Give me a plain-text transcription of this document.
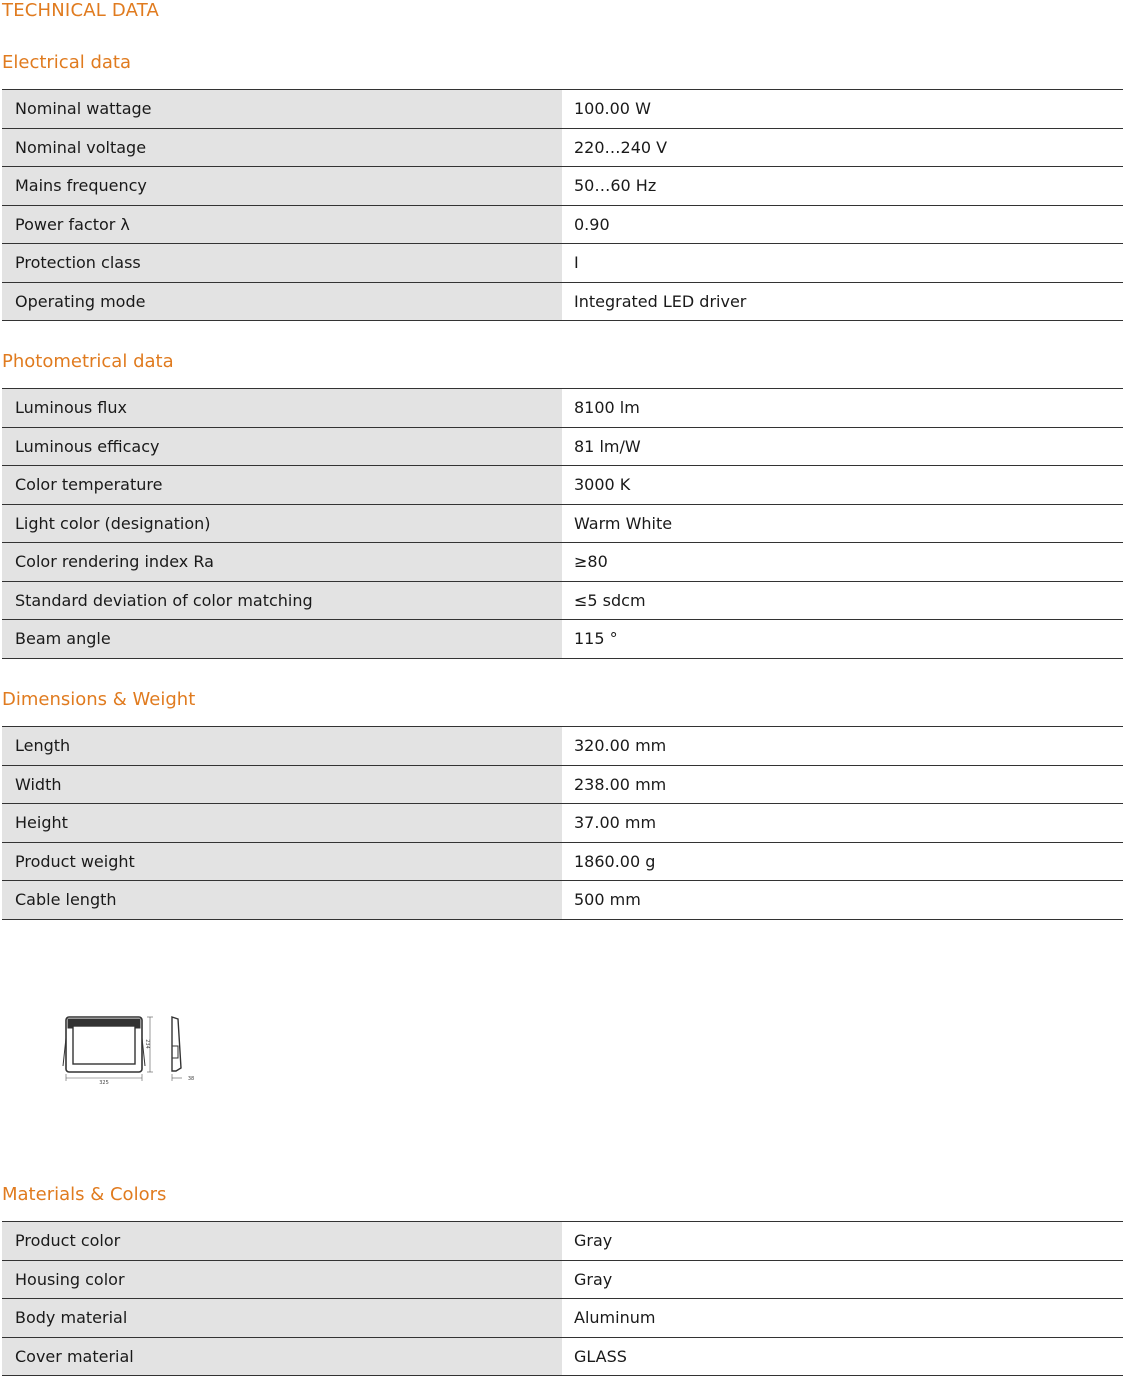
TECHNICAL DATA
Electrical data
Nominal wattage	100.00 W
Nominal voltage	220…240 V
Mains frequency	50…60 Hz
Power factor λ	0.90
Protection class	I
Operating mode	Integrated LED driver
Photometrical data
Luminous flux	8100 lm
Luminous efficacy	81 lm/W
Color temperature	3000 K
Light color (designation)	Warm White
Color rendering index Ra	≥80
Standard deviation of color matching	≤5 sdcm
Beam angle	115 °
Dimensions & Weight
Length	320.00 mm
Width	238.00 mm
Height	37.00 mm
Product weight	1860.00 g
Cable length	500 mm
325
234
38
Materials & Colors
Product color	Gray
Housing color	Gray
Body material	Aluminum
Cover material	GLASS
